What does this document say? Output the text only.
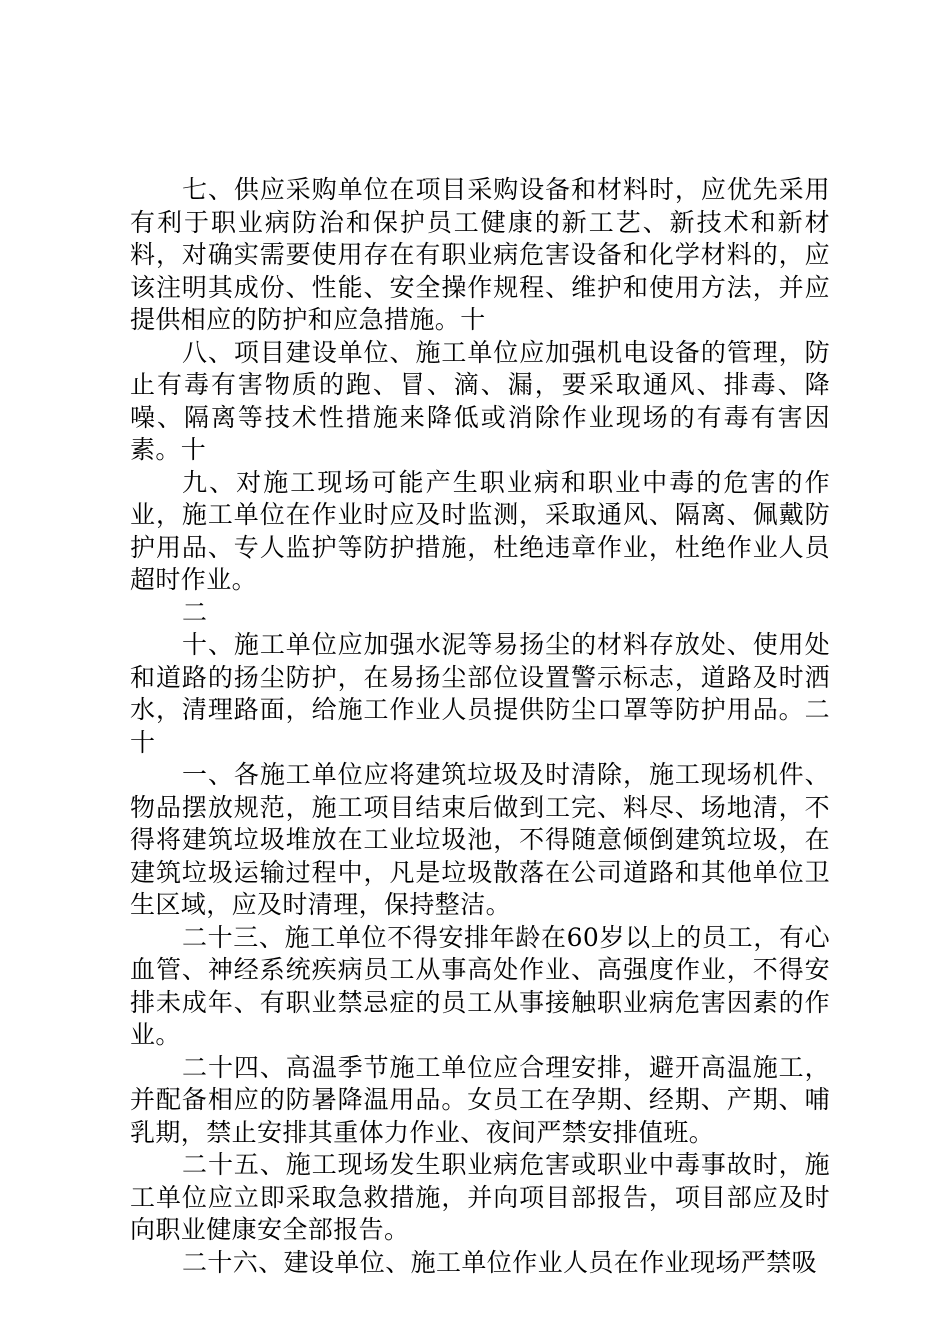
七、供应采购单位在项目采购设备和材料时，应优先采用有利于职业病防治和保护员工健康的新工艺、新技术和新材料，对确实需要使用存在有职业病危害设备和化学材料的，应该注明其成份、性能、安全操作规程、维护和使用方法，并应提供相应的防护和应急措施。十

八、项目建设单位、施工单位应加强机电设备的管理，防止有毒有害物质的跑、冒、滴、漏，要采取通风、排毒、降噪、隔离等技术性措施来降低或消除作业现场的有毒有害因素。十

九、对施工现场可能产生职业病和职业中毒的危害的作业，施工单位在作业时应及时监测，采取通风、隔离、佩戴防护用品、专人监护等防护措施，杜绝违章作业，杜绝作业人员超时作业。

二

十、施工单位应加强水泥等易扬尘的材料存放处、使用处和道路的扬尘防护，在易扬尘部位设置警示标志，道路及时洒水，清理路面，给施工作业人员提供防尘口罩等防护用品。二十

一、各施工单位应将建筑垃圾及时清除，施工现场机件、物品摆放规范，施工项目结束后做到工完、料尽、场地清，不得将建筑垃圾堆放在工业垃圾池，不得随意倾倒建筑垃圾，在建筑垃圾运输过程中，凡是垃圾散落在公司道路和其他单位卫生区域，应及时清理，保持整洁。

二十三、施工单位不得安排年龄在60岁以上的员工，有心血管、神经系统疾病员工从事高处作业、高强度作业，不得安排未成年、有职业禁忌症的员工从事接触职业病危害因素的作业。

二十四、高温季节施工单位应合理安排，避开高温施工，并配备相应的防暑降温用品。女员工在孕期、经期、产期、哺乳期，禁止安排其重体力作业、夜间严禁安排值班。

二十五、施工现场发生职业病危害或职业中毒事故时，施工单位应立即采取急救措施，并向项目部报告，项目部应及时向职业健康安全部报告。

二十六、建设单位、施工单位作业人员在作业现场严禁吸
